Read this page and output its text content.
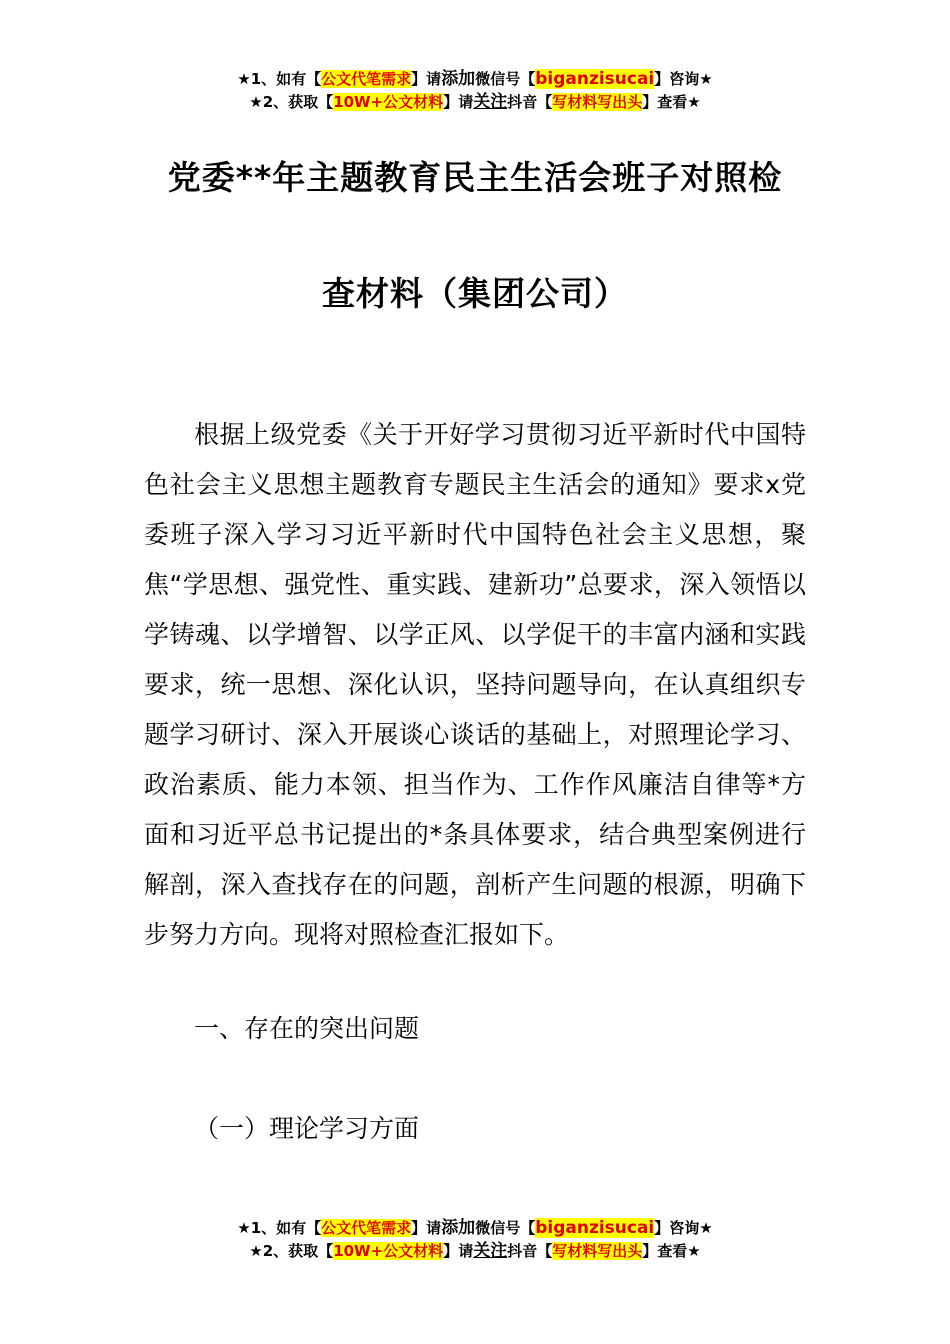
★1、如有【公文代笔需求】请添加微信号【biganzisucai】咨询★
★2、获取【10W+公文材料】请关注抖音【写材料写出头】查看★
党委**年主题教育民主生活会班子对照检
查材料（集团公司）

根据上级党委《关于开好学习贯彻习近平新时代中国特色社会主义思想主题教育专题民主生活会的通知》要求x党委班子深入学习习近平新时代中国特色社会主义思想，聚焦“学思想、强党性、重实践、建新功”总要求，深入领悟以学铸魂、以学增智、以学正风、以学促干的丰富内涵和实践要求，统一思想、深化认识，坚持问题导向，在认真组织专题学习研讨、深入开展谈心谈话的基础上，对照理论学习、政治素质、能力本领、担当作为、工作作风廉洁自律等*方面和习近平总书记提出的*条具体要求，结合典型案例进行解剖，深入查找存在的问题，剖析产生问题的根源，明确下步努力方向。现将对照检查汇报如下。

一、存在的突出问题
（一）理论学习方面
★1、如有【公文代笔需求】请添加微信号【biganzisucai】咨询★
★2、获取【10W+公文材料】请关注抖音【写材料写出头】查看★
